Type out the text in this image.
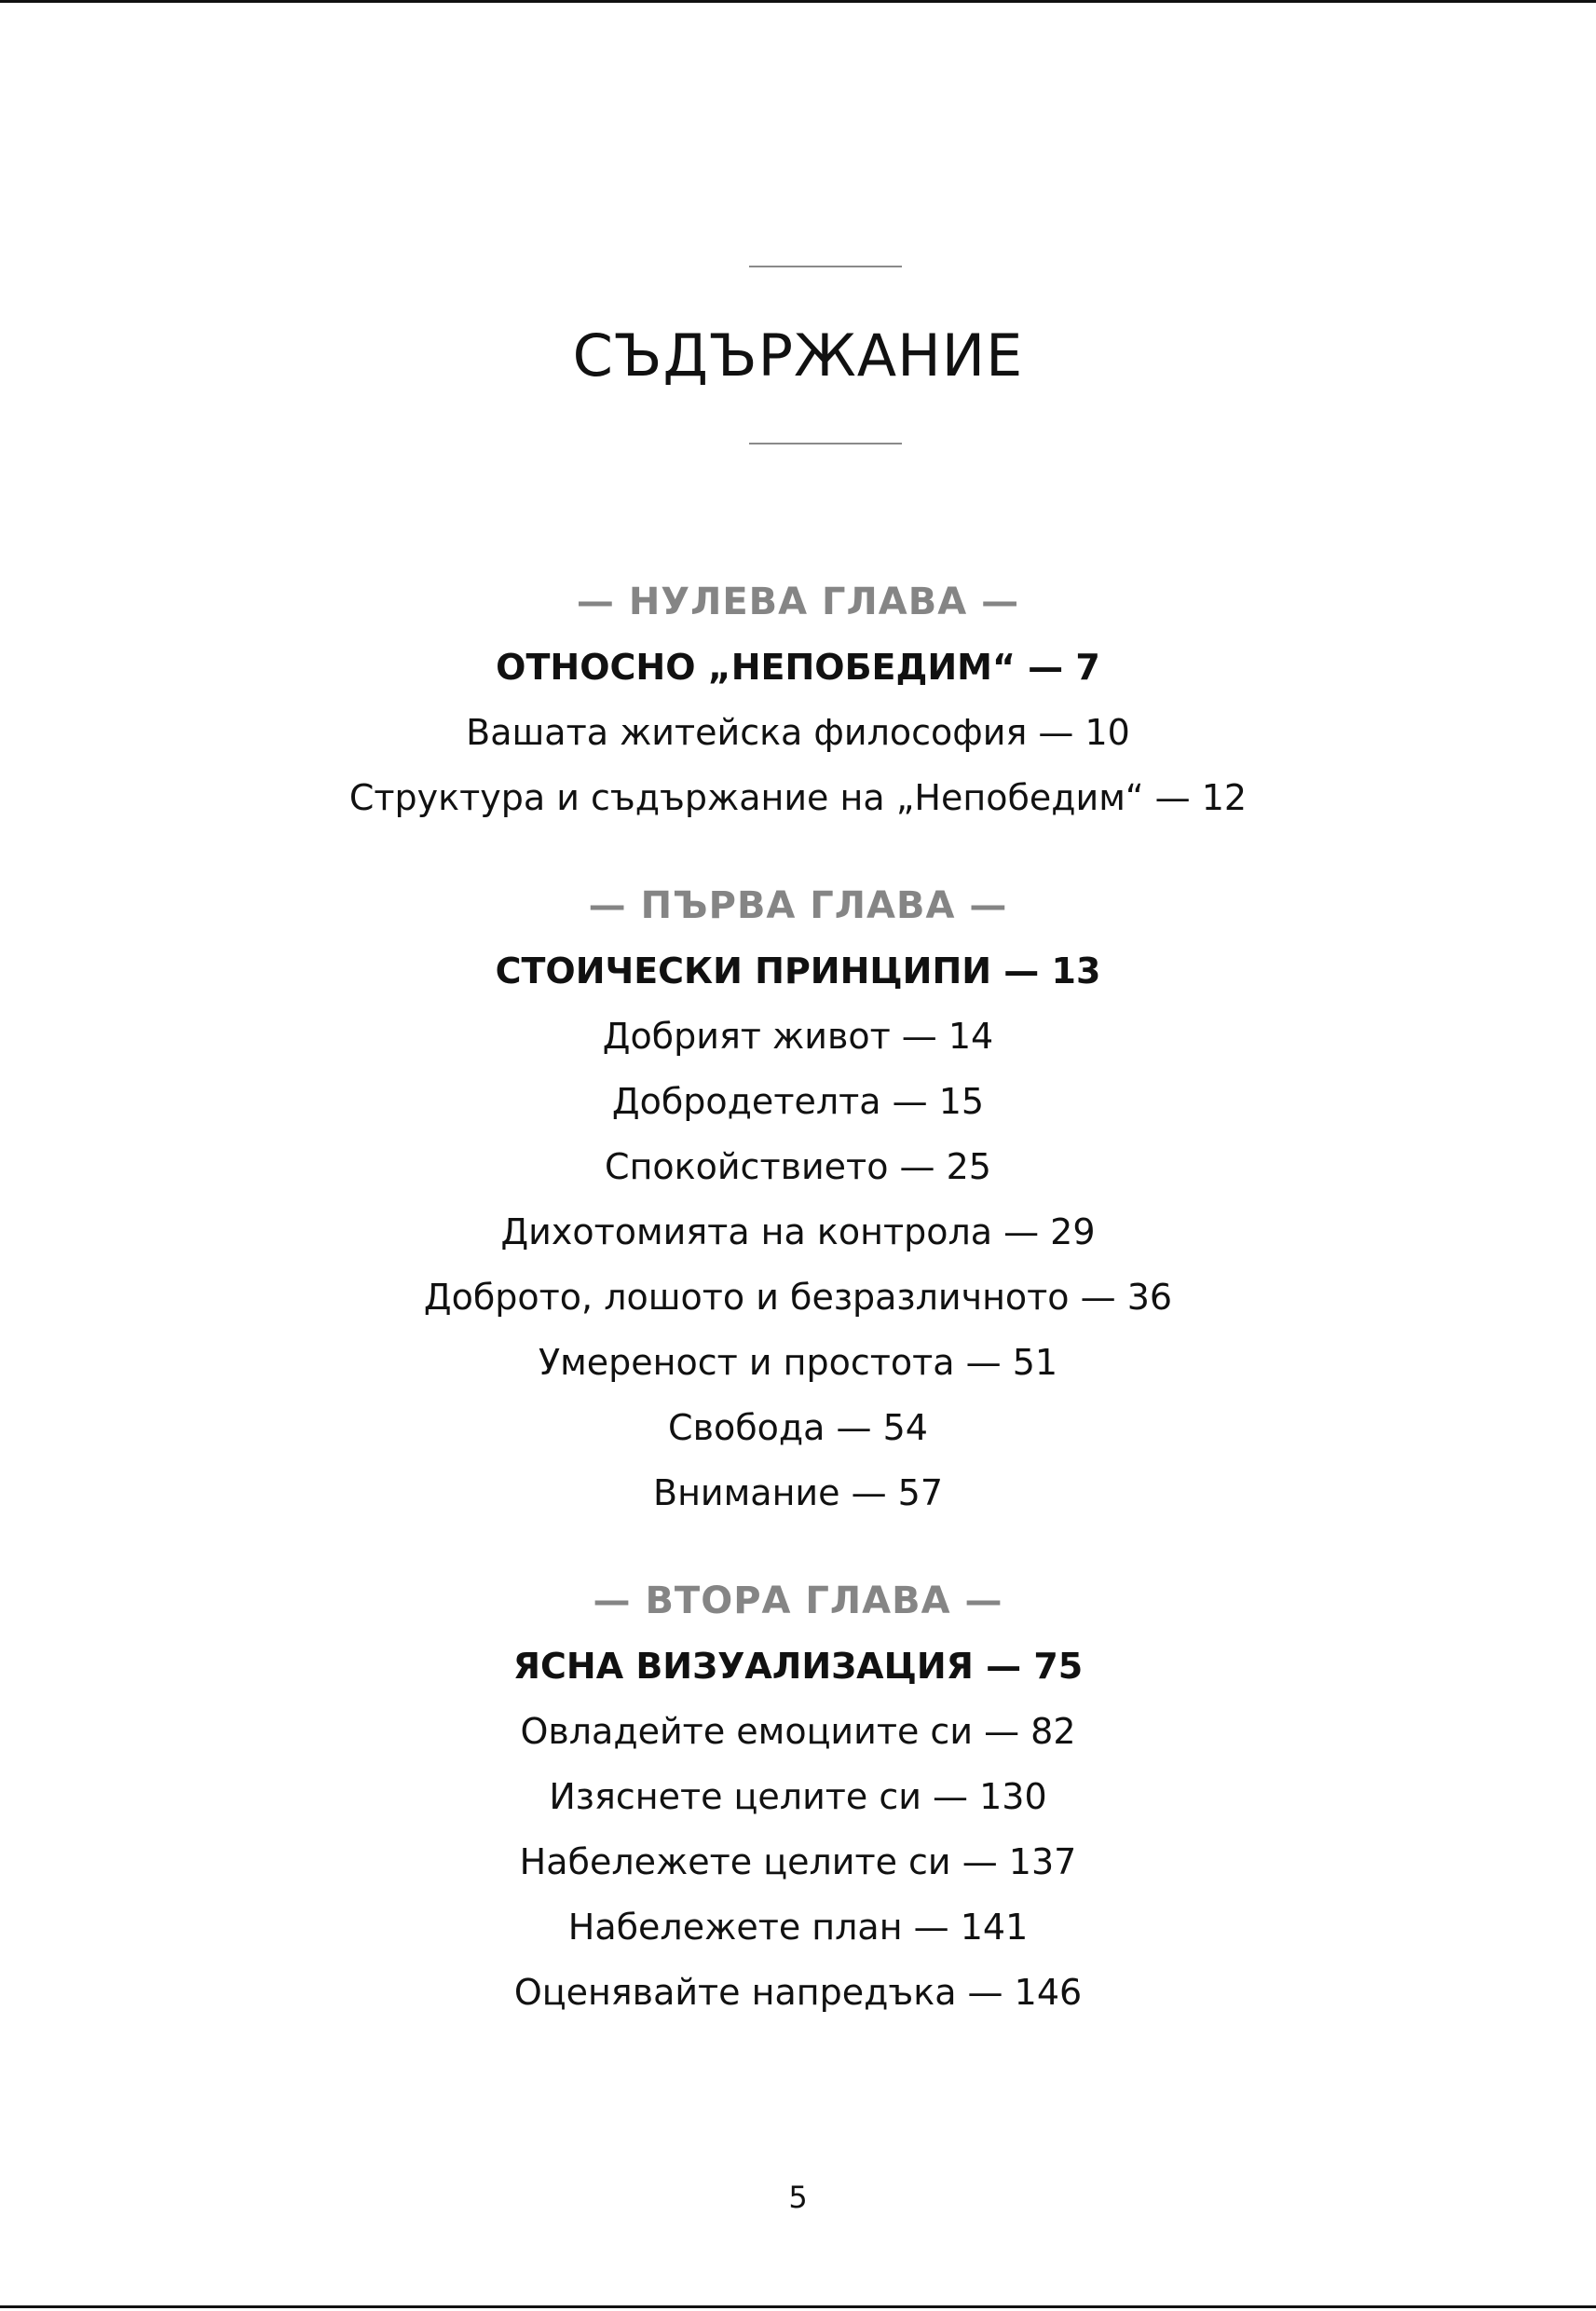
СЪДЪРЖАНИЕ
— НУЛЕВА ГЛАВА —
ОТНОСНО „НЕПОБЕДИМ“ — 7
Вашата житейска философия — 10
Структура и съдържание на „Непобедим“ — 12
— ПЪРВА ГЛАВА —
СТОИЧЕСКИ ПРИНЦИПИ — 13
Добрият живот — 14
Добродетелта — 15
Спокойствието — 25
Дихотомията на контрола — 29
Доброто, лошото и безразличното — 36
Умереност и простота — 51
Свобода — 54
Внимание — 57
— ВТОРА ГЛАВА —
ЯСНА ВИЗУАЛИЗАЦИЯ — 75
Овладейте емоциите си — 82
Изяснете целите си — 130
Набележете целите си — 137
Набележете план — 141
Оценявайте напредъка — 146
5
